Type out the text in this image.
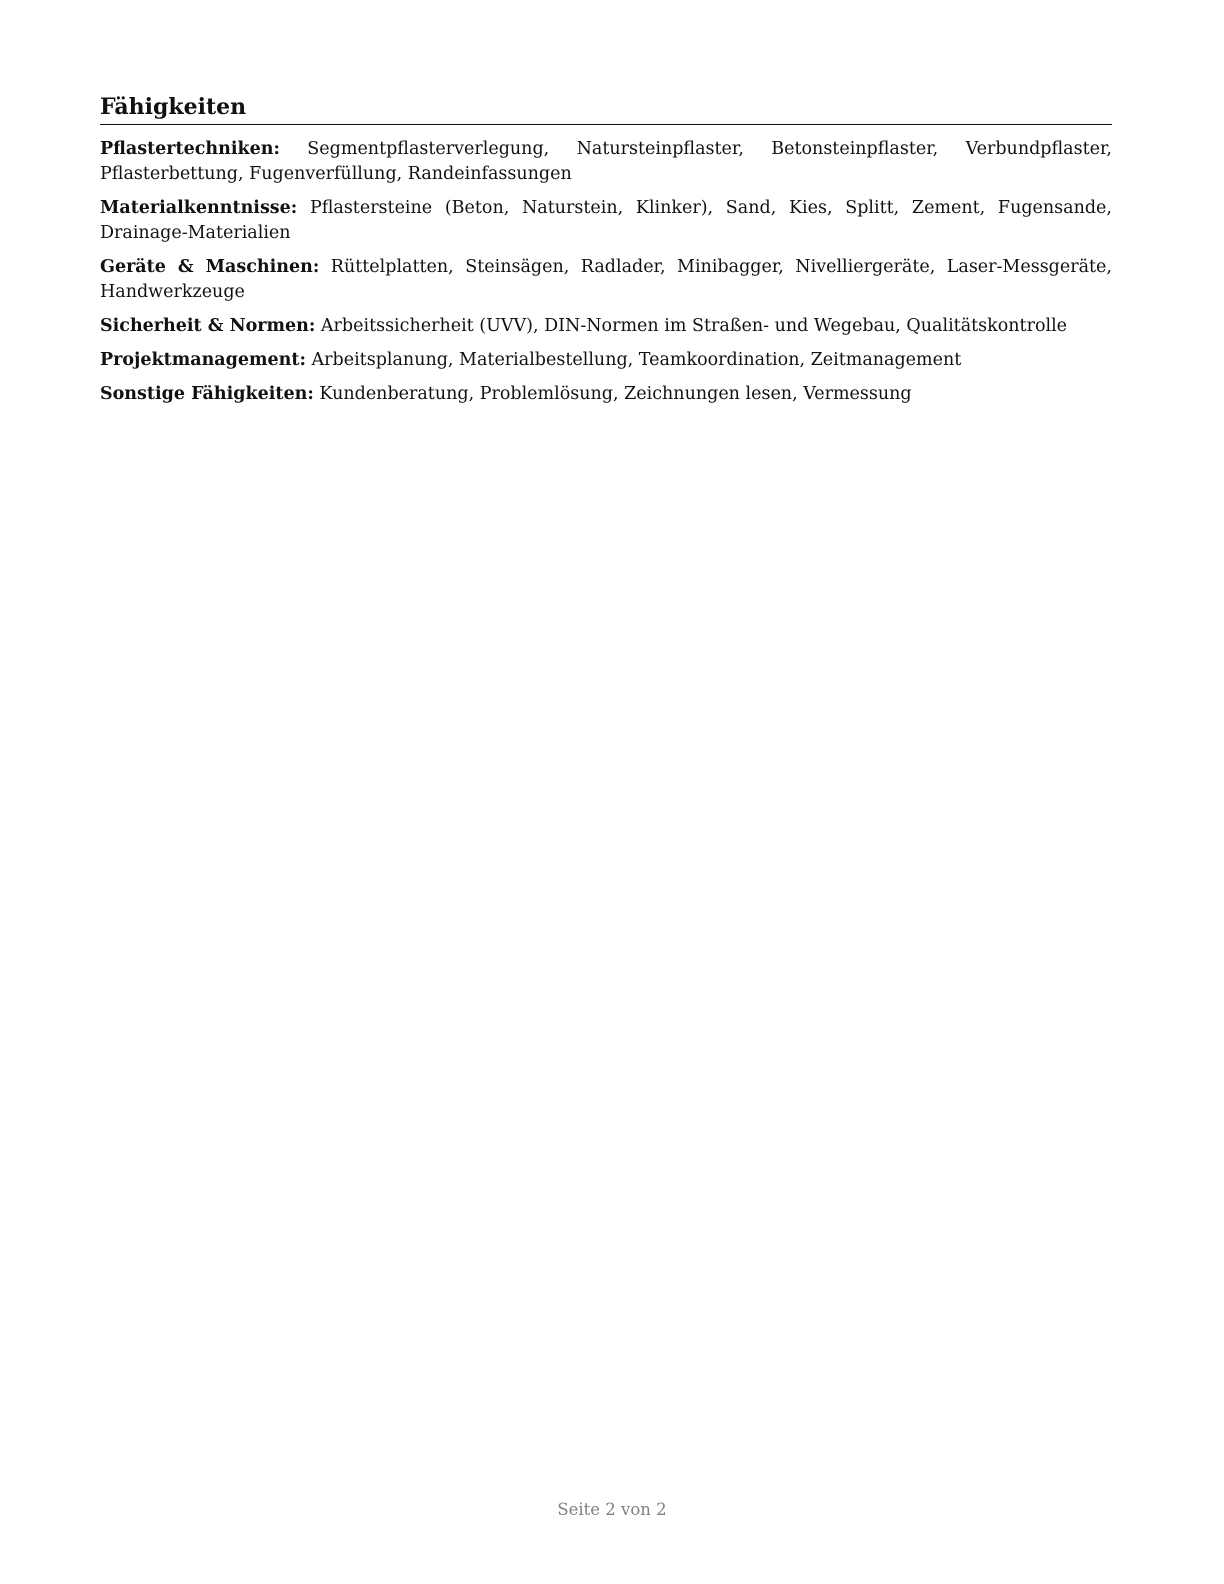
Fähigkeiten

Pflastertechniken: Segmentpflasterverlegung, Natursteinpflaster, Betonsteinpflaster, Verbundpflaster, Pflasterbettung, Fugenverfüllung, Randeinfassungen

Materialkenntnisse: Pflastersteine (Beton, Naturstein, Klinker), Sand, Kies, Splitt, Zement, Fugensande, Drainage-Materialien

Geräte & Maschinen: Rüttelplatten, Steinsägen, Radlader, Minibagger, Nivelliergeräte, Laser-Messgeräte, Handwerkzeuge

Sicherheit & Normen: Arbeitssicherheit (UVV), DIN-Normen im Straßen- und Wegebau, Qualitätskontrolle

Projektmanagement: Arbeitsplanung, Materialbestellung, Teamkoordination, Zeitmanagement

Sonstige Fähigkeiten: Kundenberatung, Problemlösung, Zeichnungen lesen, Vermessung

Seite 2 von 2
